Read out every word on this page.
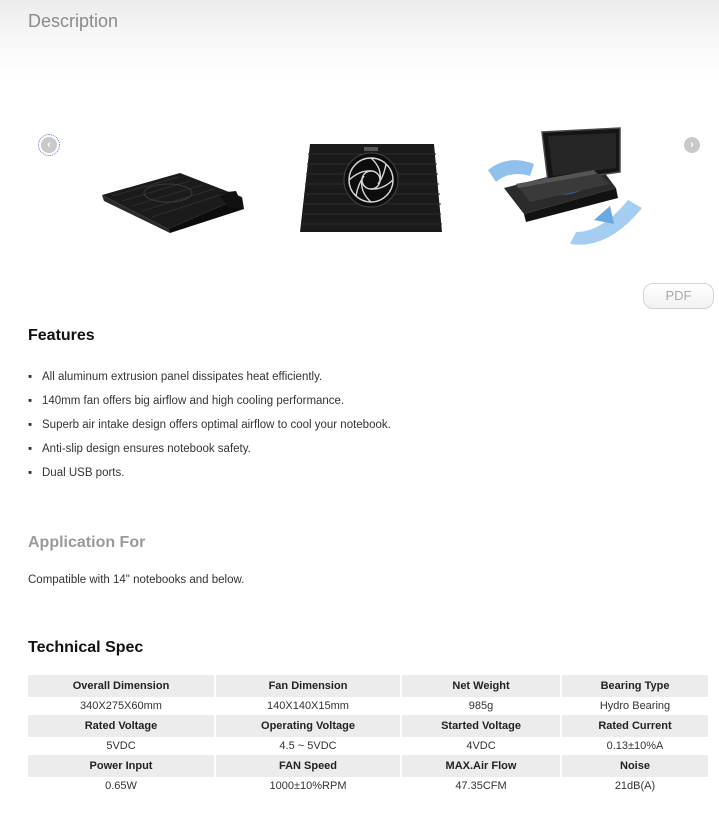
Description
‹	›
PDF
Features
▪ All aluminum extrusion panel dissipates heat efficiently.
▪ 140mm fan offers big airflow and high cooling performance.
▪ Superb air intake design offers optimal airflow to cool your notebook.
▪ Anti-slip design ensures notebook safety.
▪ Dual USB ports.
Application For
Compatible with 14" notebooks and below.
Technical Spec
Overall Dimension	Fan Dimension	Net Weight	Bearing Type
340X275X60mm	140X140X15mm	985g	Hydro Bearing
Rated Voltage	Operating Voltage	Started Voltage	Rated Current
5VDC	4.5 ~ 5VDC	4VDC	0.13±10%A
Power Input	FAN Speed	MAX.Air Flow	Noise
0.65W	1000±10%RPM	47.35CFM	21dB(A)
